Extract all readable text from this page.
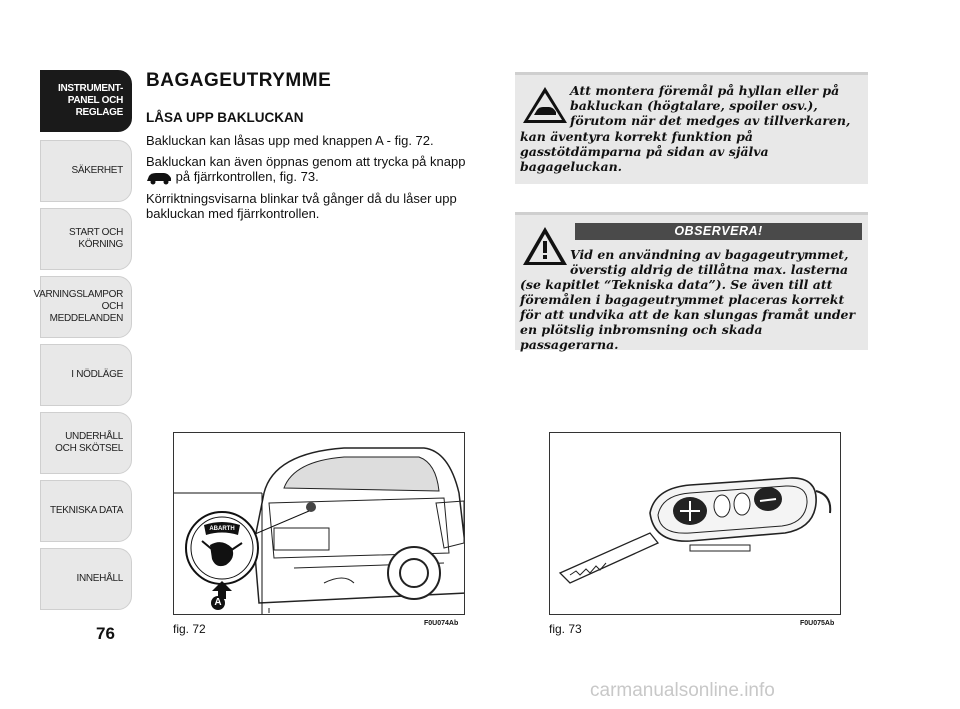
INSTRUMENT-
PANEL OCH
REGLAGE
SÄKERHET
START OCH
KÖRNING
VARNINGSLAMPOR
OCH
MEDDELANDEN
I NÖDLÄGE
UNDERHÅLL
OCH SKÖTSEL
TEKNISKA DATA
INNEHÅLL
76
BAGAGEUTRYMME
LÅSA UPP BAKLUCKAN

Bakluckan kan låsas upp med knappen A - fig. 72.

Bakluckan kan även öppnas genom att trycka på knapp
på fjärrkontrollen, fig. 73.

Körriktningsvisarna blinkar två gånger då du låser upp bakluckan med fjärrkontrollen.

Att montera föremål på hyllan eller på bakluckan (högtalare, spoiler osv.), förutom när det medges av tillverkaren,
kan äventyra korrekt funktion på gasstötdämparna på sidan av själva bagageluckan.
OBSERVERA!
Vid en användning av bagageutrymmet, överstig aldrig de tillåtna max. lasterna
(se kapitlet “Tekniska data”). Se även till att föremålen i bagageutrymmet placeras korrekt för att undvika att de kan slungas framåt under en plötslig inbromsning och skada passagerarna.
ABARTH
A
fig. 72	F0U074Ab	fig. 73	F0U075Ab
carmanualsonline.info
